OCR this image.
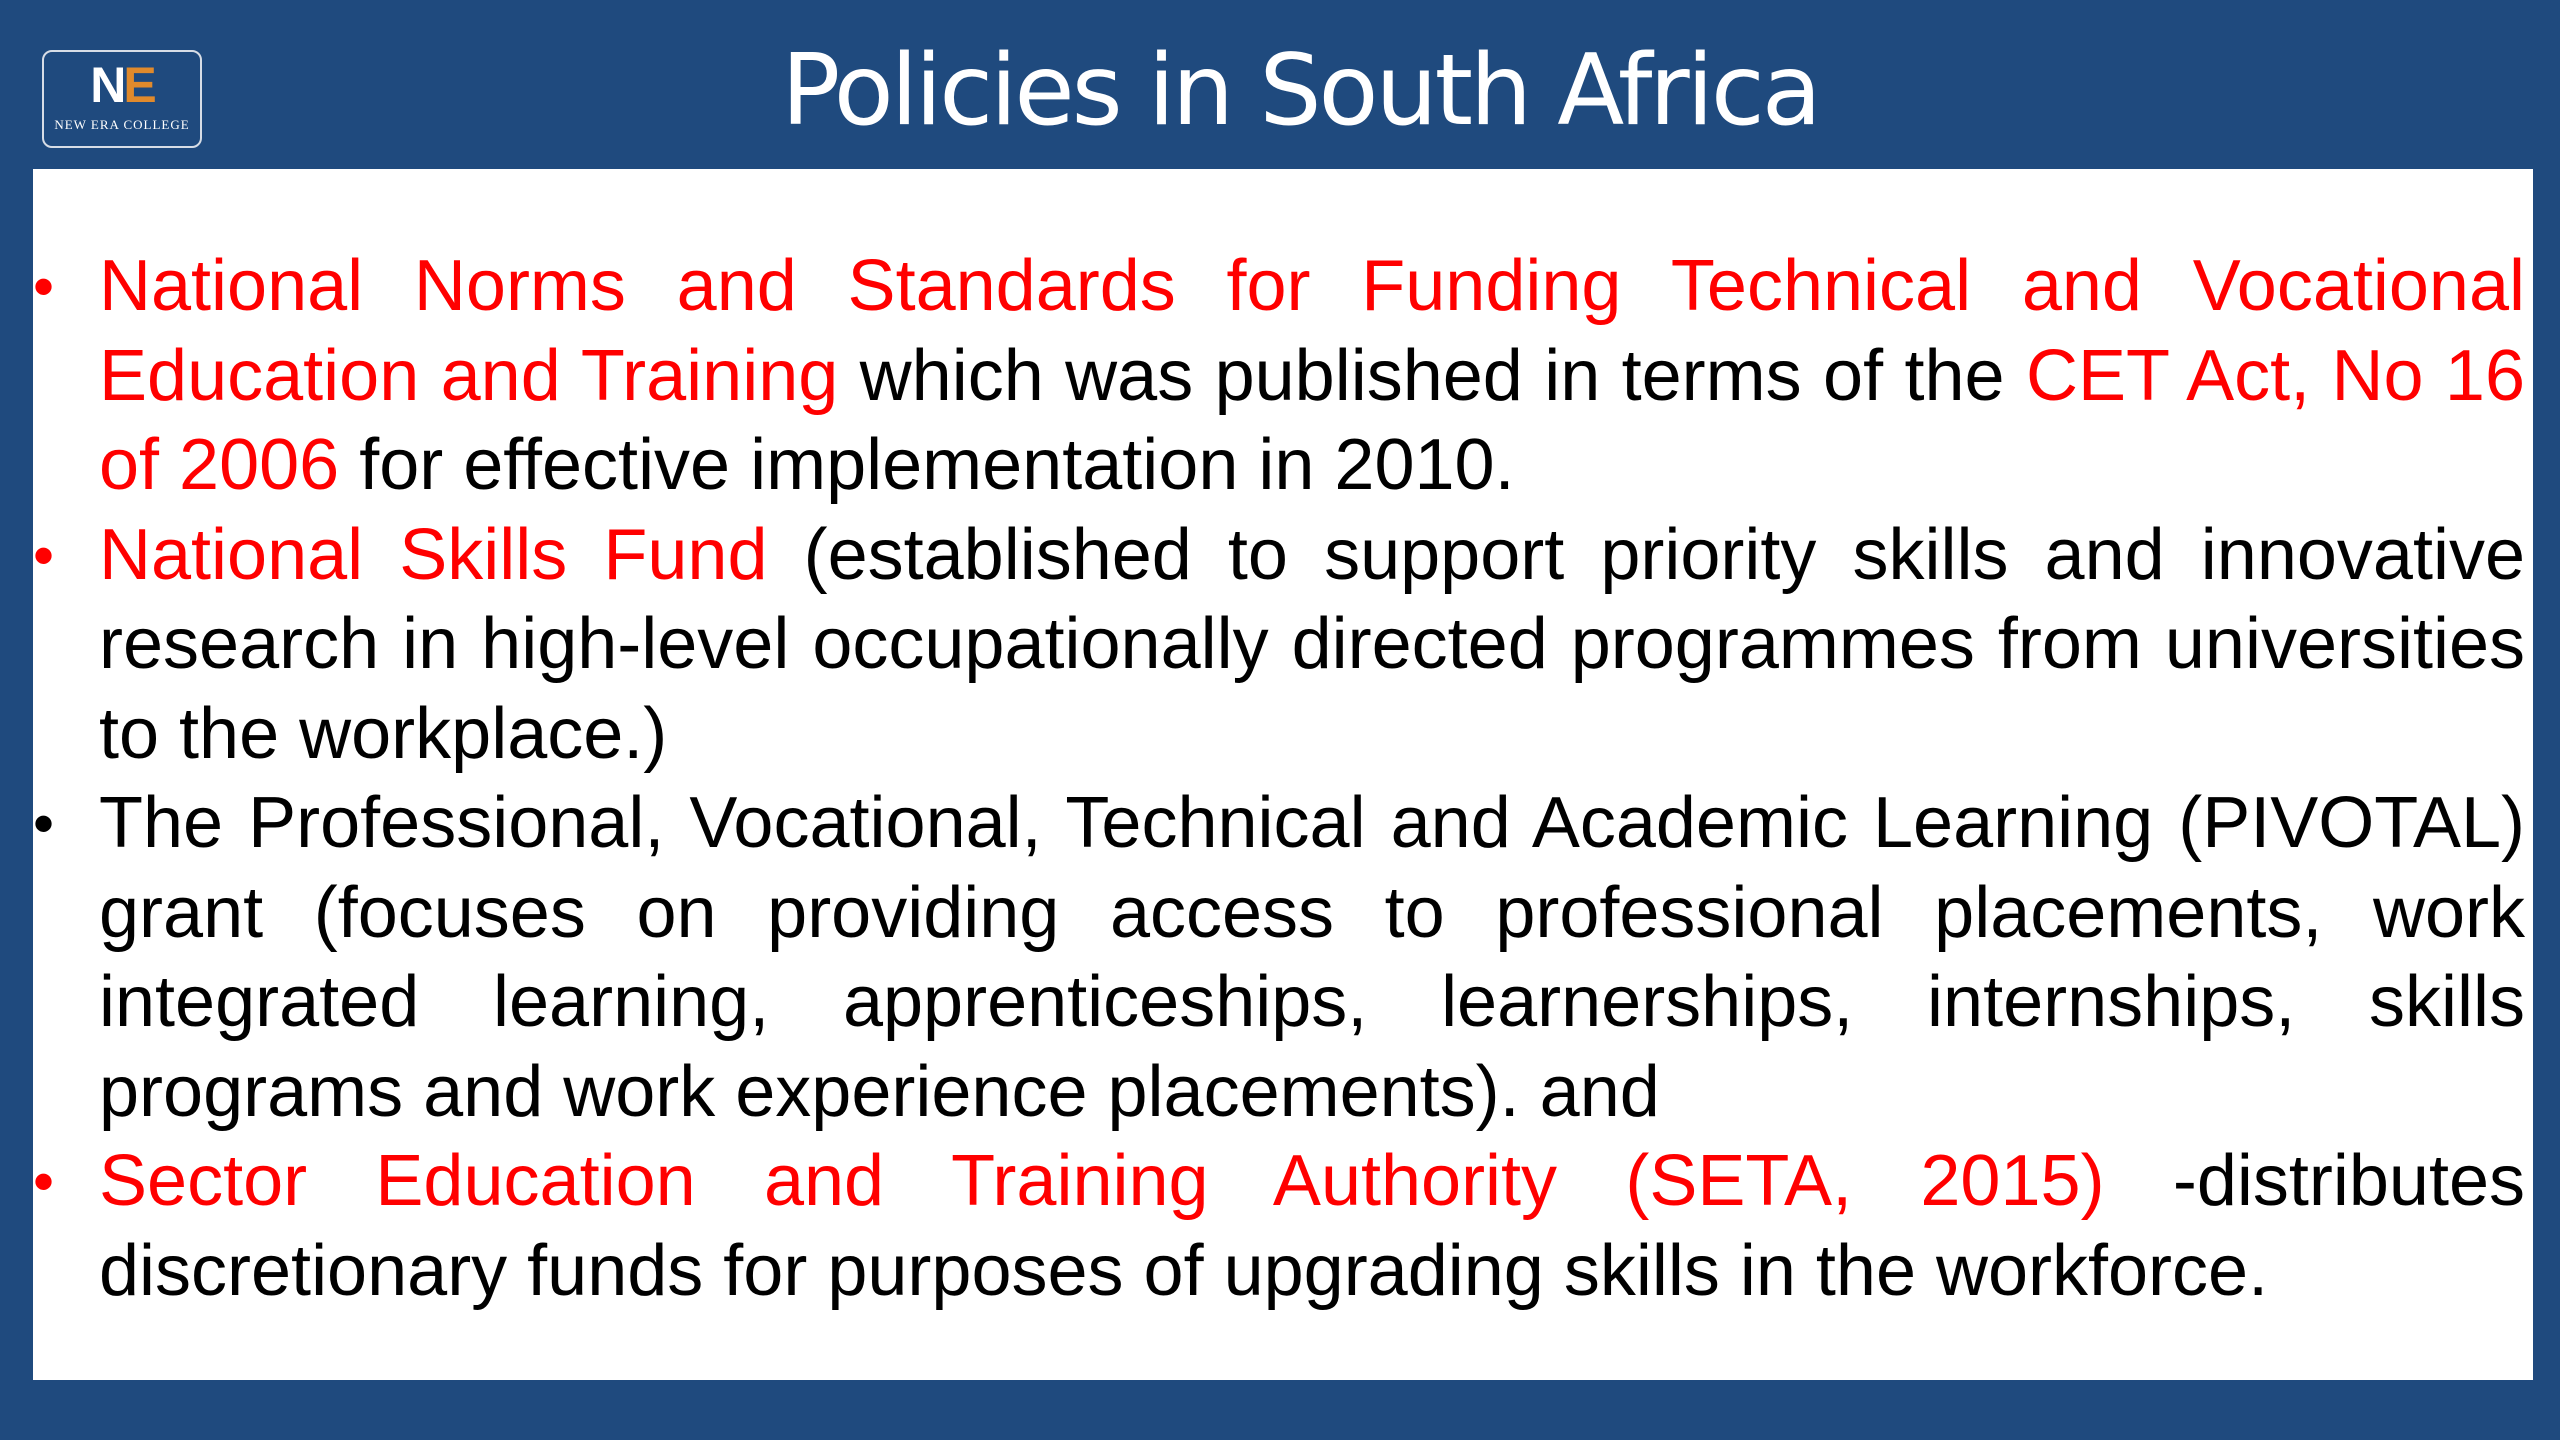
NE
NEW ERA COLLEGE	Policies in South Africa
• National Norms and Standards for Funding Technical and Vocational Education and Training which was published in terms of the CET Act, No 16 of 2006 for effective implementation in 2010.
• National Skills Fund (established to support priority skills and innovative research in high-level occupationally directed programmes from universities to the workplace.)
• The Professional, Vocational, Technical and Academic Learning (PIVOTAL) grant (focuses on providing access to professional placements, work integrated learning, apprenticeships, learnerships, internships, skills programs and work experience placements). and
• Sector Education and Training Authority (SETA, 2015) -distributes discretionary funds for purposes of upgrading skills in the workforce.
